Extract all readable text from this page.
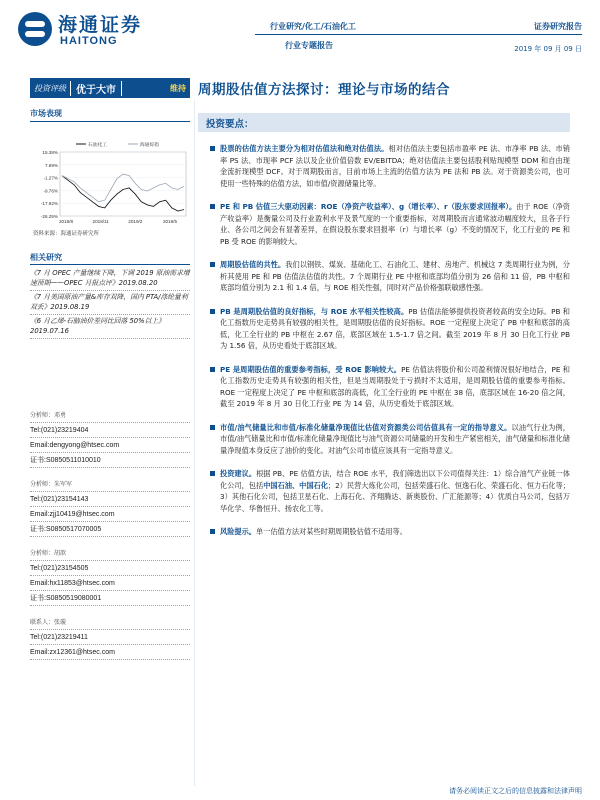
海通证券
HAITONG
行业研究/化工/石油化工	证券研究报告
行业专题报告	2019 年 09 月 09 日
投资评级	优于大市	维持 周期股估值方法探讨：理论与市场的结合
市场表现
15.38%
7.69%
-1.27%
-9.76%
-17.92%
-26.25%
2018/8	2018/11	2019/2	2019/5
石油化工	海通综指
资料来源：海通证券研究所
相关研究
《7 月 OPEC 产量继续下降，下调 2019 原油需求增速预期——OPEC 月报点评》2019.08.20
《7 月美国原油产量&库存双降，国内 PTA/涤纶量利双丢》2019.08.19
《6 月乙烯-石脑油价差同比回落 50%以上》2019.07.16
分析师：邓勇
Tel:(021)23219404
Email:dengyong@htsec.com
证书:S0850511010010
分析师：朱军军
Tel:(021)23154143
Email:zjj10419@htsec.com
证书:S0850517070005
分析师：胡歆
Tel:(021)23154505
Email:hx11853@htsec.com
证书:S0850519080001
联系人：张璇
Tel:(021)23219411
Email:zx12361@htsec.com
投资要点：
股票的估值方法主要分为相对估值法和绝对估值法。相对估值法主要包括市盈率 PE 法、市净率 PB 法、市销率 PS 法、市现率 PCF 法以及企业价值倍数 EV/EBITDA；绝对估值法主要包括股利贴现模型 DDM 和自由现金流折现模型 DCF。对于周期股而言，目前市场上主流的估值方法为 PE 法和 PB 法。对于资源类公司，也可使用一些特殊的估值方法，如市值/资源储量比等。
PE 和 PB 估值三大驱动因素：ROE（净资产收益率）、g（增长率）、r（股东要求回报率）。由于 ROE（净资产收益率）是衡量公司及行业盈利水平及景气度的一个重要指标，对周期股而言通常波动幅度较大，且各子行业、各公司之间会有显著差异，在假设股东要求回报率（r）与增长率（g）不变的情况下，化工行业的 PE 和 PB 受 ROE 的影响较大。
周期股估值的共性。我们以钢铁、煤炭、基础化工、石油化工、建材、房地产、机械这 7 类周期行业为例，分析其使用 PE 和 PB 估值法估值的共性。7 个周期行业 PE 中枢和底部均值分别为 26 倍和 11 倍，PB 中枢和底部均值分别为 2.1 和 1.4 倍，与 ROE 相关性强，同时对产品价格强联敏感性强。
PB 是周期股估值的良好指标，与 ROE 水平相关性较高。PB 估值法能够提供投资者较高的安全边际。PB 和化工指数历史走势具有较强的相关性，是周期股估值的良好指标。ROE 一定程度上决定了 PB 中枢和底部的高低，化工全行业的 PB 中枢在 2.67 倍，底部区域在 1.5-1.7 倍之间。截至 2019 年 8 月 30 日化工行业 PB 为 1.56 倍，从历史看处于底部区域。
PE 是周期股估值的重要参考指标，受 ROE 影响较大。PE 估值法将股价和公司盈利情况很好地结合，PE 和化工指数历史走势具有较强的相关性，但是当周期股处于亏损时不太适用，是周期股估值的重要参考指标。ROE 一定程度上决定了 PE 中枢和底部的高低，化工全行业的 PE 中枢在 38 倍，底部区域在 16-20 倍之间，截至 2019 年 8 月 30 日化工行业 PE 为 14 倍，从历史看处于底部区域。
市值/油气储量比和市值/标准化储量净现值比估值对资源类公司估值具有一定的指导意义。以油气行业为例，市值/油气储量比和市值/标准化储量净现值比与油气资源公司储量的开发和生产紧密相关，油气储量和标准化储量净现值本身反应了油价的变化。对油气公司市值应该具有一定指导意义。
投资建议。根据 PB、PE 估值方法，结合 ROE 水平，我们筛选出以下公司值得关注：1）综合油气产业链一体化公司，包括中国石油、中国石化；2）民营大炼化公司，包括荣盛石化、恒逸石化、荣盛石化、恒力石化等；3）其他石化公司，包括卫星石化、上海石化、齐翔腾达、新奥股份、广汇能源等；4）优质白马公司，包括万华化学、华鲁恒升、扬农化工等。
风险提示。单一估值方法对某些时期周期股估值不适用等。
请务必阅读正文之后的信息披露和法律声明
